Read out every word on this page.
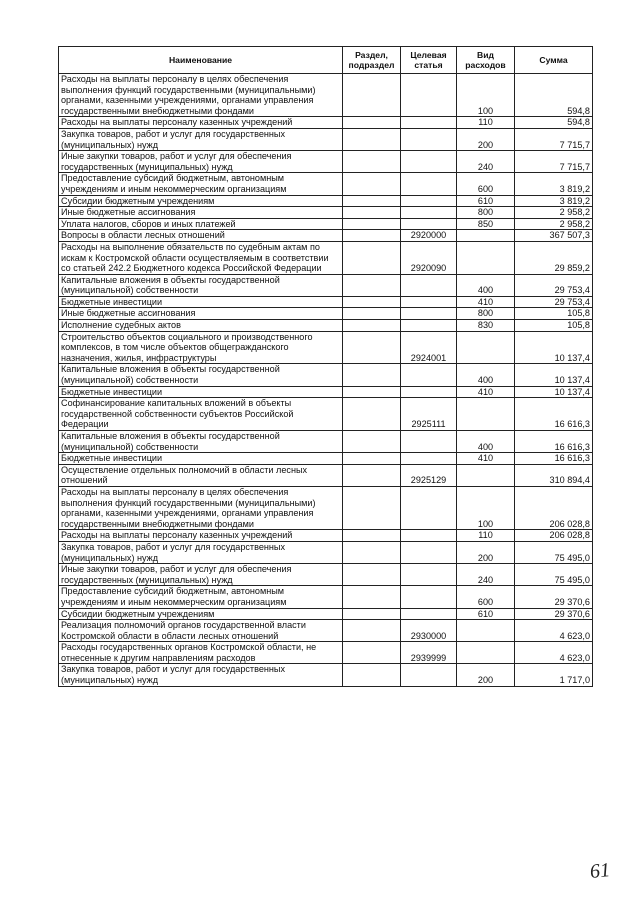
Наименование	Раздел, подраздел	Целевая статья	Вид расходов	Сумма
Расходы на выплаты персоналу в целях обеспечения выполнения функций государственными (муниципальными) органами, казенными учреждениями, органами управления государственными внебюджетными фондами			100	594,8
Расходы на выплаты персоналу казенных учреждений			110	594,8
Закупка товаров, работ и услуг для государственных (муниципальных) нужд			200	7 715,7
Иные закупки товаров, работ и услуг для обеспечения государственных (муниципальных) нужд			240	7 715,7
Предоставление субсидий бюджетным, автономным учреждениям и иным некоммерческим организациям			600	3 819,2
Субсидии бюджетным учреждениям			610	3 819,2
Иные бюджетные ассигнования			800	2 958,2
Уплата налогов, сборов и иных платежей			850	2 958,2
Вопросы в области лесных отношений		2920000		367 507,3
Расходы на выполнение обязательств по судебным актам по искам к Костромской области осуществляемым в соответствии со статьей 242.2 Бюджетного кодекса Российской Федерации		2920090		29 859,2
Капитальные вложения в объекты государственной (муниципальной) собственности			400	29 753,4
Бюджетные инвестиции			410	29 753,4
Иные бюджетные ассигнования			800	105,8
Исполнение судебных актов			830	105,8
Строительство объектов социального и производственного комплексов, в том числе объектов общегражданского назначения, жилья, инфраструктуры		2924001		10 137,4
Капитальные вложения в объекты государственной (муниципальной) собственности			400	10 137,4
Бюджетные инвестиции			410	10 137,4
Софинансирование капитальных вложений в объекты государственной собственности субъектов Российской Федерации		2925111		16 616,3
Капитальные вложения в объекты государственной (муниципальной) собственности			400	16 616,3
Бюджетные инвестиции			410	16 616,3
Осуществление отдельных полномочий в области лесных отношений		2925129		310 894,4
Расходы на выплаты персоналу в целях обеспечения выполнения функций государственными (муниципальными) органами, казенными учреждениями, органами управления государственными внебюджетными фондами			100	206 028,8
Расходы на выплаты персоналу казенных учреждений			110	206 028,8
Закупка товаров, работ и услуг для государственных (муниципальных) нужд			200	75 495,0
Иные закупки товаров, работ и услуг для обеспечения государственных (муниципальных) нужд			240	75 495,0
Предоставление субсидий бюджетным, автономным учреждениям и иным некоммерческим организациям			600	29 370,6
Субсидии бюджетным учреждениям			610	29 370,6
Реализация полномочий органов государственной власти Костромской области в области лесных отношений		2930000		4 623,0
Расходы государственных органов Костромской области, не отнесенные к другим направлениям расходов		2939999		4 623,0
Закупка товаров, работ и услуг для государственных (муниципальных) нужд			200	1 717,0
61
